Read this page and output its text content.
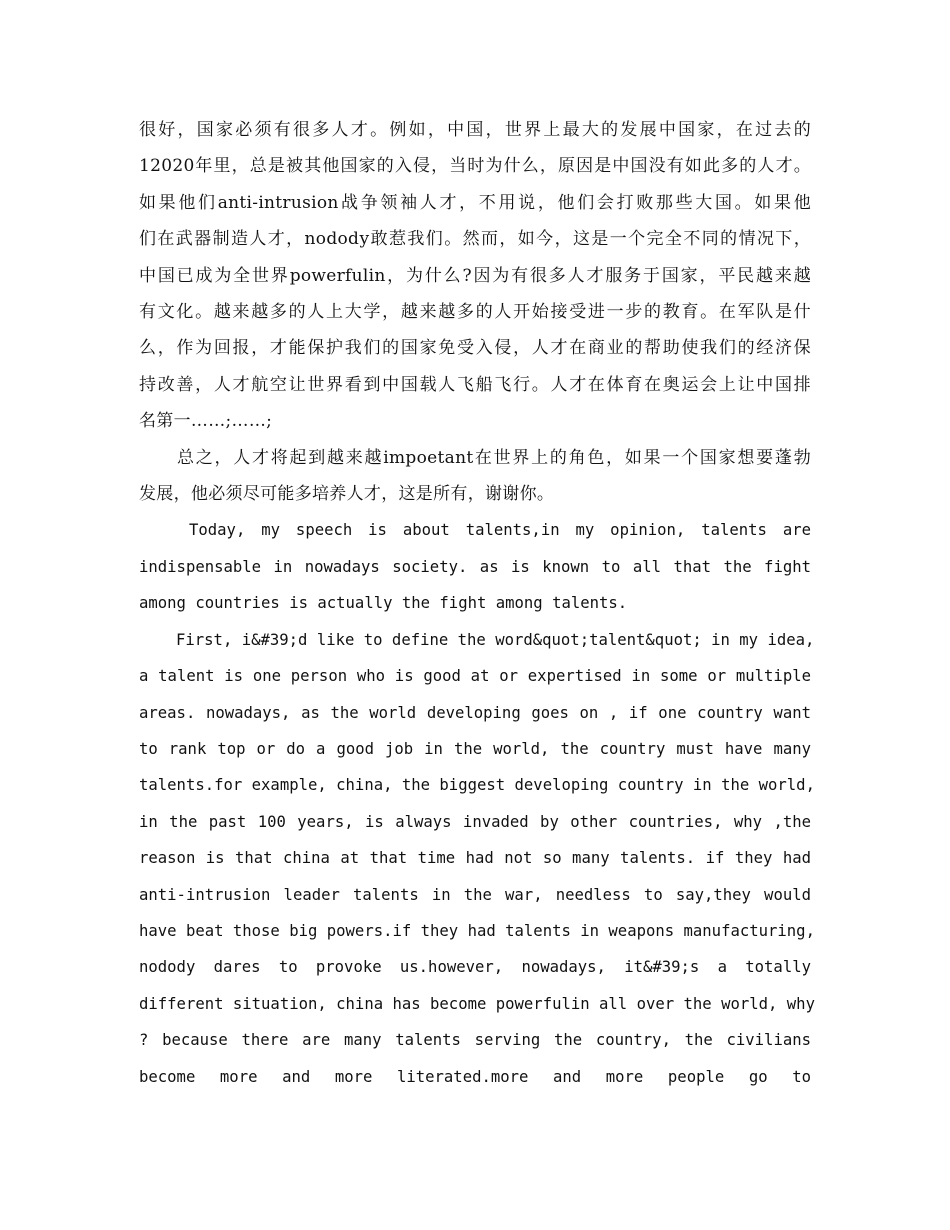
很好，国家必须有很多人才。例如，中国，世界上最大的发展中国家，在过去的
12020年里，总是被其他国家的入侵，当时为什么，原因是中国没有如此多的人才。
如果他们anti-intrusion战争领袖人才，不用说，他们会打败那些大国。如果他
们在武器制造人才，nododу敢惹我们。然而，如今，这是一个完全不同的情况下，
中国已成为全世界powerfulin，为什么?因为有很多人才服务于国家，平民越来越
有文化。越来越多的人上大学，越来越多的人开始接受进一步的教育。在军队是什
么，作为回报，才能保护我们的国家免受入侵，人才在商业的帮助使我们的经济保
持改善，人才航空让世界看到中国载人飞船飞行。人才在体育在奥运会上让中国排
名第一……;……;
总之，人才将起到越来越impoetant在世界上的角色，如果一个国家想要蓬勃
发展，他必须尽可能多培养人才，这是所有，谢谢你。
Today, my speech is about talents,in my opinion, talents are
indispensable in nowadays society. as is known to all that the fight
among countries is actually the fight among talents.
First, i&#39;d like to define the word&quot;talent&quot; in my idea,
a talent is one person who is good at or expertised in some or multiple
areas. nowadays, as the world developing goes on , if one country want
to rank top or do a good job in the world, the country must have many
talents.for example, china, the biggest developing country in the world,
in the past 100 years, is always invaded by other countries, why ,the
reason is that china at that time had not so many talents. if they had
anti-intrusion leader talents in the war, needless to say,they would
have beat those big powers.if they had talents in weapons manufacturing,
nodody dares to provoke us.however, nowadays, it&#39;s a totally
different situation, china has become powerfulin all over the world, why
? because there are many talents serving the country, the civilians
become more and more literated.more and more people go to
